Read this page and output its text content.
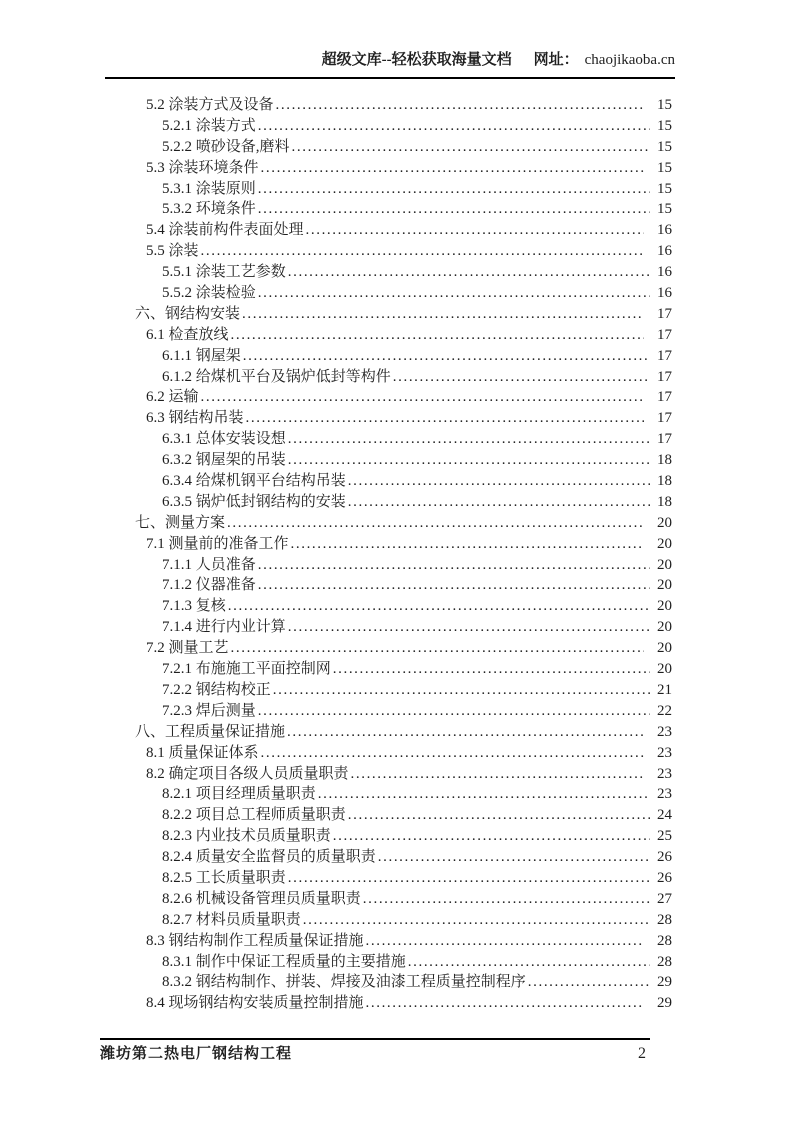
超级文库--轻松获取海量文档 网址： chaojikaoba.cn
5.2 涂装方式及设备 .....	15
5.2.1 涂装方式 .....	15
5.2.2 喷砂设备,磨料 .....	15
5.3 涂装环境条件 .....	15
5.3.1 涂装原则 .....	15
5.3.2 环境条件 .....	15
5.4 涂装前构件表面处理 .....	16
5.5 涂装 .....	16
5.5.1 涂装工艺参数 .....	16
5.5.2 涂装检验 .....	16
六、钢结构安装 .....	17
6.1 检查放线 .....	17
6.1.1 钢屋架 .....	17
6.1.2 给煤机平台及锅炉低封等构件 .....	17
6.2 运输 .....	17
6.3 钢结构吊装 .....	17
6.3.1 总体安装设想 .....	17
6.3.2 钢屋架的吊装 .....	18
6.3.4 给煤机钢平台结构吊装 .....	18
6.3.5 锅炉低封钢结构的安装 .....	18
七、测量方案 .....	20
7.1 测量前的准备工作 .....	20
7.1.1 人员准备 .....	20
7.1.2 仪器准备 .....	20
7.1.3 复核 .....	20
7.1.4 进行内业计算 .....	20
7.2 测量工艺 .....	20
7.2.1 布施施工平面控制网 .....	20
7.2.2 钢结构校正 .....	21
7.2.3 焊后测量 .....	22
八、工程质量保证措施 .....	23
8.1 质量保证体系 .....	23
8.2 确定项目各级人员质量职责 .....	23
8.2.1 项目经理质量职责 .....	23
8.2.2 项目总工程师质量职责 .....	24
8.2.3 内业技术员质量职责 .....	25
8.2.4 质量安全监督员的质量职责 .....	26
8.2.5 工长质量职责 .....	26
8.2.6 机械设备管理员质量职责 .....	27
8.2.7 材料员质量职责 .....	28
8.3 钢结构制作工程质量保证措施 .....	28
8.3.1 制作中保证工程质量的主要措施 .....	28
8.3.2 钢结构制作、拼装、焊接及油漆工程质量控制程序 .....	29
8.4 现场钢结构安装质量控制措施 .....	29
潍坊第二热电厂钢结构工程	2
